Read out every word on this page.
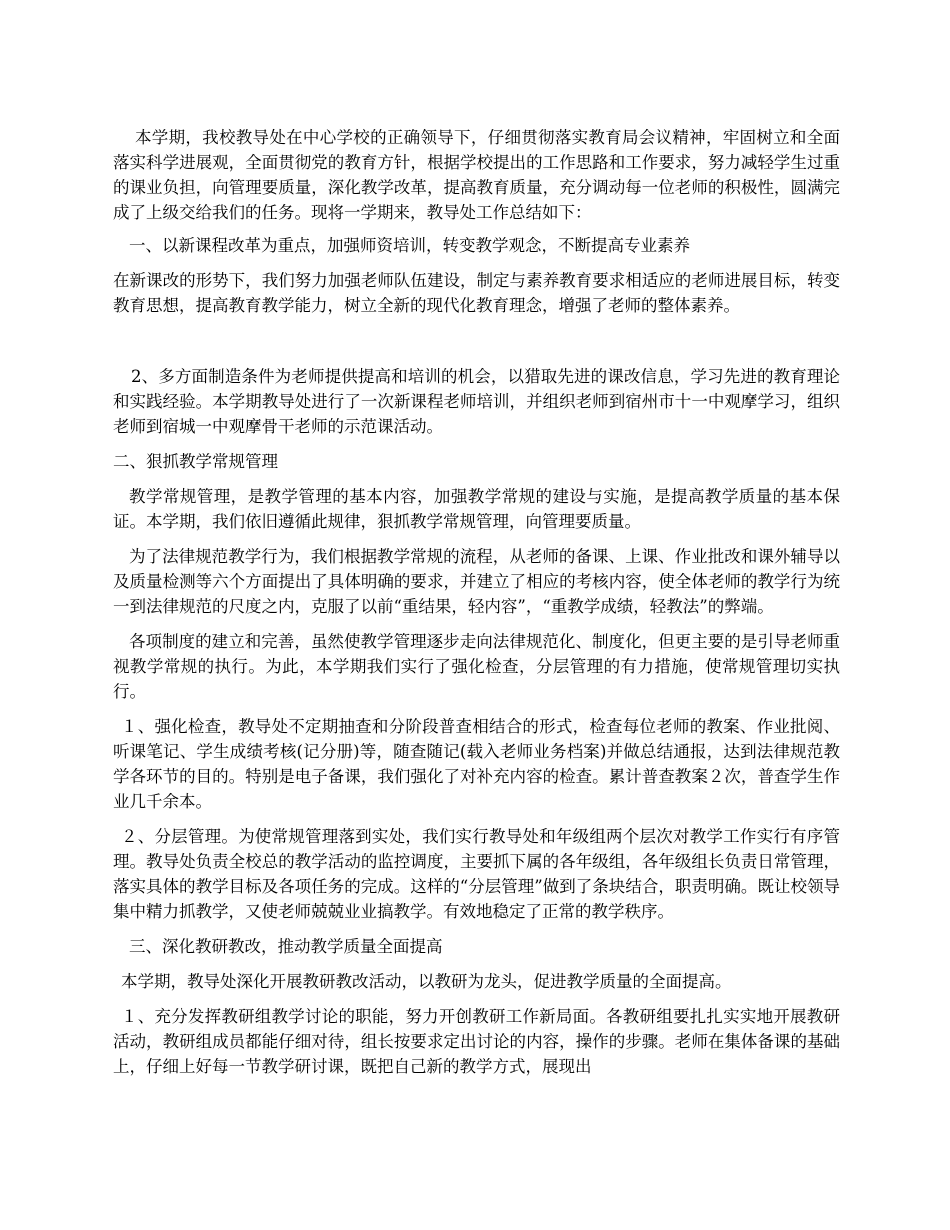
本学期，我校教导处在中心学校的正确领导下，仔细贯彻落实教育局会议精神，牢固树立和全面落实科学进展观，全面贯彻党的教育方针，根据学校提出的工作思路和工作要求，努力减轻学生过重的课业负担，向管理要质量，深化教学改革，提高教育质量，充分调动每一位老师的积极性，圆满完成了上级交给我们的任务。现将一学期来，教导处工作总结如下：

一、以新课程改革为重点，加强师资培训，转变教学观念，不断提高专业素养

在新课改的形势下，我们努力加强老师队伍建设，制定与素养教育要求相适应的老师进展目标，转变教育思想，提高教育教学能力，树立全新的现代化教育理念，增强了老师的整体素养。

2、多方面制造条件为老师提供提高和培训的机会，以猎取先进的课改信息，学习先进的教育理论和实践经验。本学期教导处进行了一次新课程老师培训，并组织老师到宿州市十一中观摩学习，组织老师到宿城一中观摩骨干老师的示范课活动。

二、狠抓教学常规管理

教学常规管理，是教学管理的基本内容，加强教学常规的建设与实施，是提高教学质量的基本保证。本学期，我们依旧遵循此规律，狠抓教学常规管理，向管理要质量。

为了法律规范教学行为，我们根据教学常规的流程，从老师的备课、上课、作业批改和课外辅导以及质量检测等六个方面提出了具体明确的要求，并建立了相应的考核内容，使全体老师的教学行为统一到法律规范的尺度之内，克服了以前“重结果，轻内容”，“重教学成绩，轻教法”的弊端。

各项制度的建立和完善，虽然使教学管理逐步走向法律规范化、制度化，但更主要的是引导老师重视教学常规的执行。为此，本学期我们实行了强化检查，分层管理的有力措施，使常规管理切实执行。

１、强化检查，教导处不定期抽查和分阶段普查相结合的形式，检查每位老师的教案、作业批阅、听课笔记、学生成绩考核(记分册)等，随查随记(载入老师业务档案)并做总结通报，达到法律规范教学各环节的目的。特别是电子备课，我们强化了对补充内容的检查。累计普查教案２次，普查学生作业几千余本。

２、分层管理。为使常规管理落到实处，我们实行教导处和年级组两个层次对教学工作实行有序管理。教导处负责全校总的教学活动的监控调度，主要抓下属的各年级组，各年级组长负责日常管理，落实具体的教学目标及各项任务的完成。这样的“分层管理”做到了条块结合，职责明确。既让校领导集中精力抓教学，又使老师兢兢业业搞教学。有效地稳定了正常的教学秩序。

三、深化教研教改，推动教学质量全面提高

本学期，教导处深化开展教研教改活动，以教研为龙头，促进教学质量的全面提高。

１、充分发挥教研组教学讨论的职能，努力开创教研工作新局面。各教研组要扎扎实实地开展教研活动，教研组成员都能仔细对待，组长按要求定出讨论的内容，操作的步骤。老师在集体备课的基础上，仔细上好每一节教学研讨课，既把自己新的教学方式，展现出
